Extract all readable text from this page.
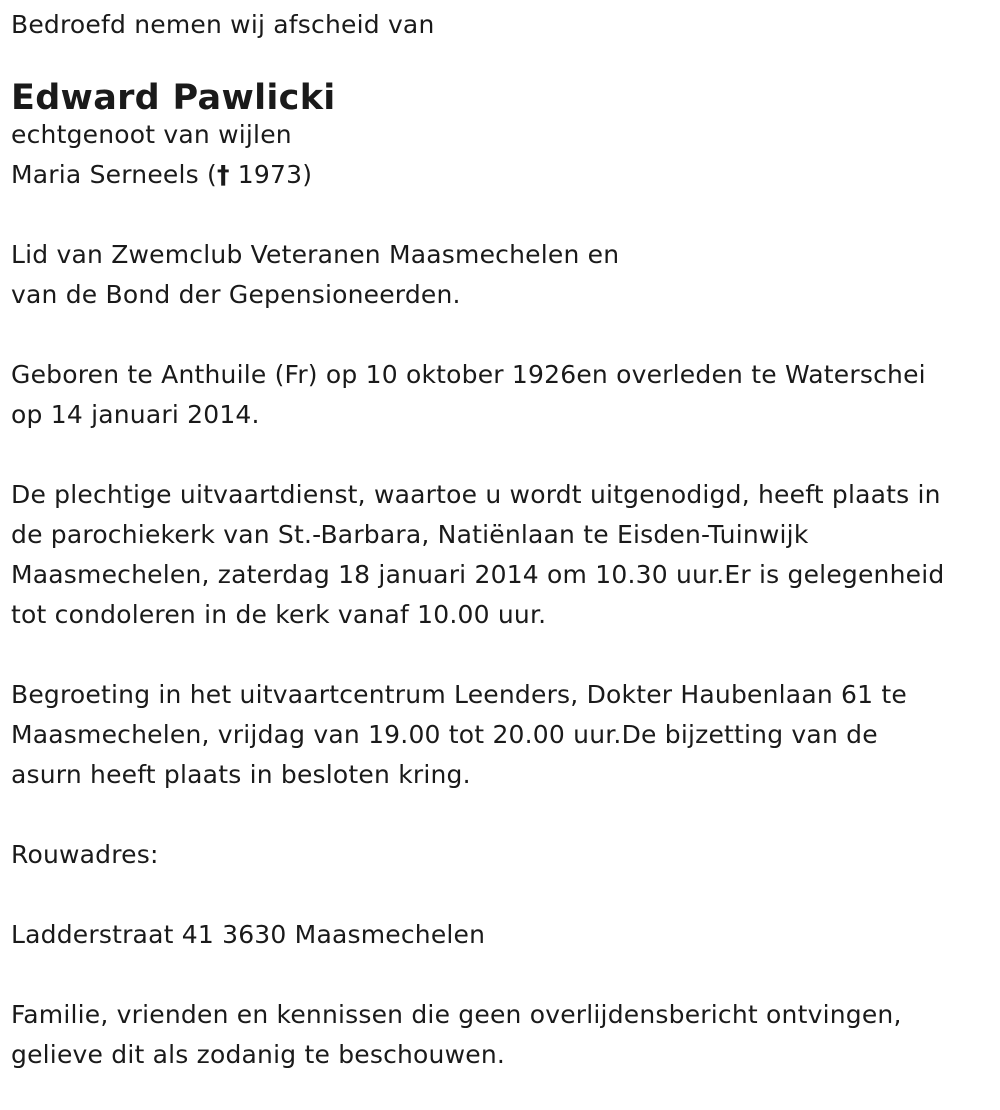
Bedroefd nemen wij afscheid van
Edward Pawlicki
echtgenoot van wijlen
Maria Serneels († 1973)
Lid van Zwemclub Veteranen Maasmechelen en
van de Bond der Gepensioneerden.
Geboren te Anthuile (Fr) op 10 oktober 1926en overleden te Waterschei
op 14 januari 2014.
De plechtige uitvaartdienst, waartoe u wordt uitgenodigd, heeft plaats in
de parochiekerk van St.-Barbara, Natiënlaan te Eisden-Tuinwijk
Maasmechelen, zaterdag 18 januari 2014 om 10.30 uur.Er is gelegenheid
tot condoleren in de kerk vanaf 10.00 uur.
Begroeting in het uitvaartcentrum Leenders, Dokter Haubenlaan 61 te
Maasmechelen, vrijdag van 19.00 tot 20.00 uur.De bijzetting van de
asurn heeft plaats in besloten kring.
Rouwadres:
Ladderstraat 41 3630 Maasmechelen
Familie, vrienden en kennissen die geen overlijdensbericht ontvingen,
gelieve dit als zodanig te beschouwen.
